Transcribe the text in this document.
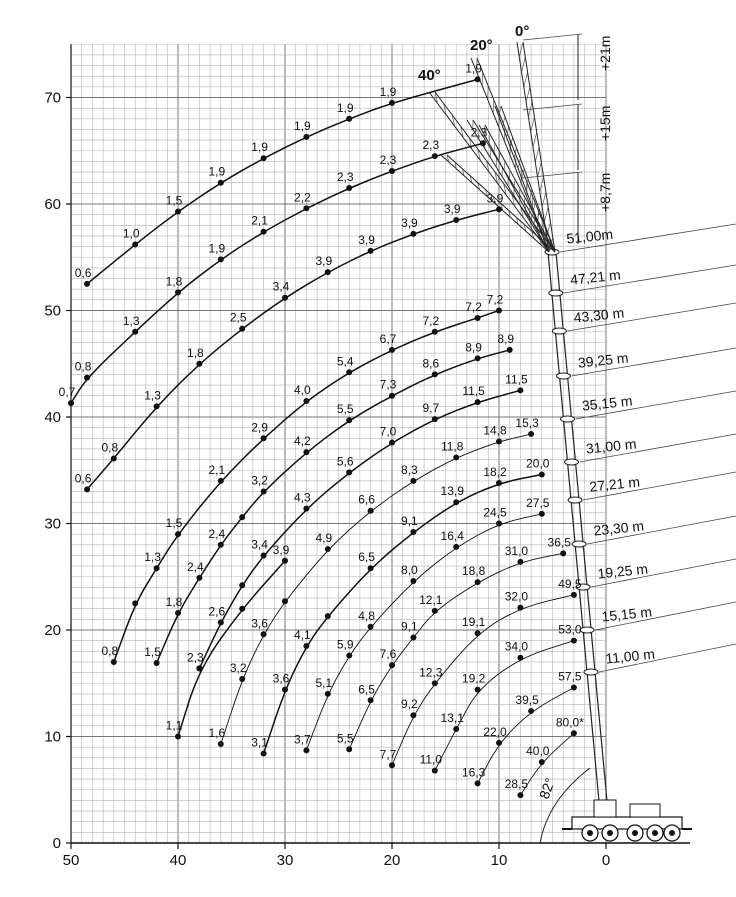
50	40	30	20	10	0
0
10
20
30
40
50
60
70
51,00m
47,21 m
43,30 m
39,25 m
35,15 m
31,00 m
27,21 m
23,30 m
19,25 m
15,15 m
11,00 m
0°
20°
40°
+21m
+15m
+8,7m
82°
0,6
1,0
1,5
1,9
1,9
1,9
1,9
1,9
1,9
0,7
0,8
1,3
1,8
1,9
2,1
2,2
2,3
2,3
2,3
2,3
0,6
0,8
1,3
1,8
2,5
3,4
3,9
3,9
3,9
3,9
3,9
0,8
1,3
1,5
2,1
2,9
4,0
5,4
6,7
7,2
7,2
7,2
1,5
1,8
2,4
2,4
3,2
4,2
5,5
7,3
8,6
8,9
8,9
2,3
2,6
3,4
4,3
5,6
7,0
9,7
11,5
11,5
1,1
3,9
3,1
3,6
4,1
6,5
9,1
13,9
18,2
20,0
1,6
3,2
3,6
4,9
6,6
8,3
11,8
14,8
15,3
3,7
5,1
5,9
4,8
8,0
16,4
24,5
27,5
5,5
6,5
7,6
9,1
12,1
18,8
31,0
36,5
7,7
9,2
12,3
19,1
32,0
49,5
11,0
13,1
19,2
34,0
53,0
16,3
22,0
39,5
57,5
28,5
40,0
80,0*
